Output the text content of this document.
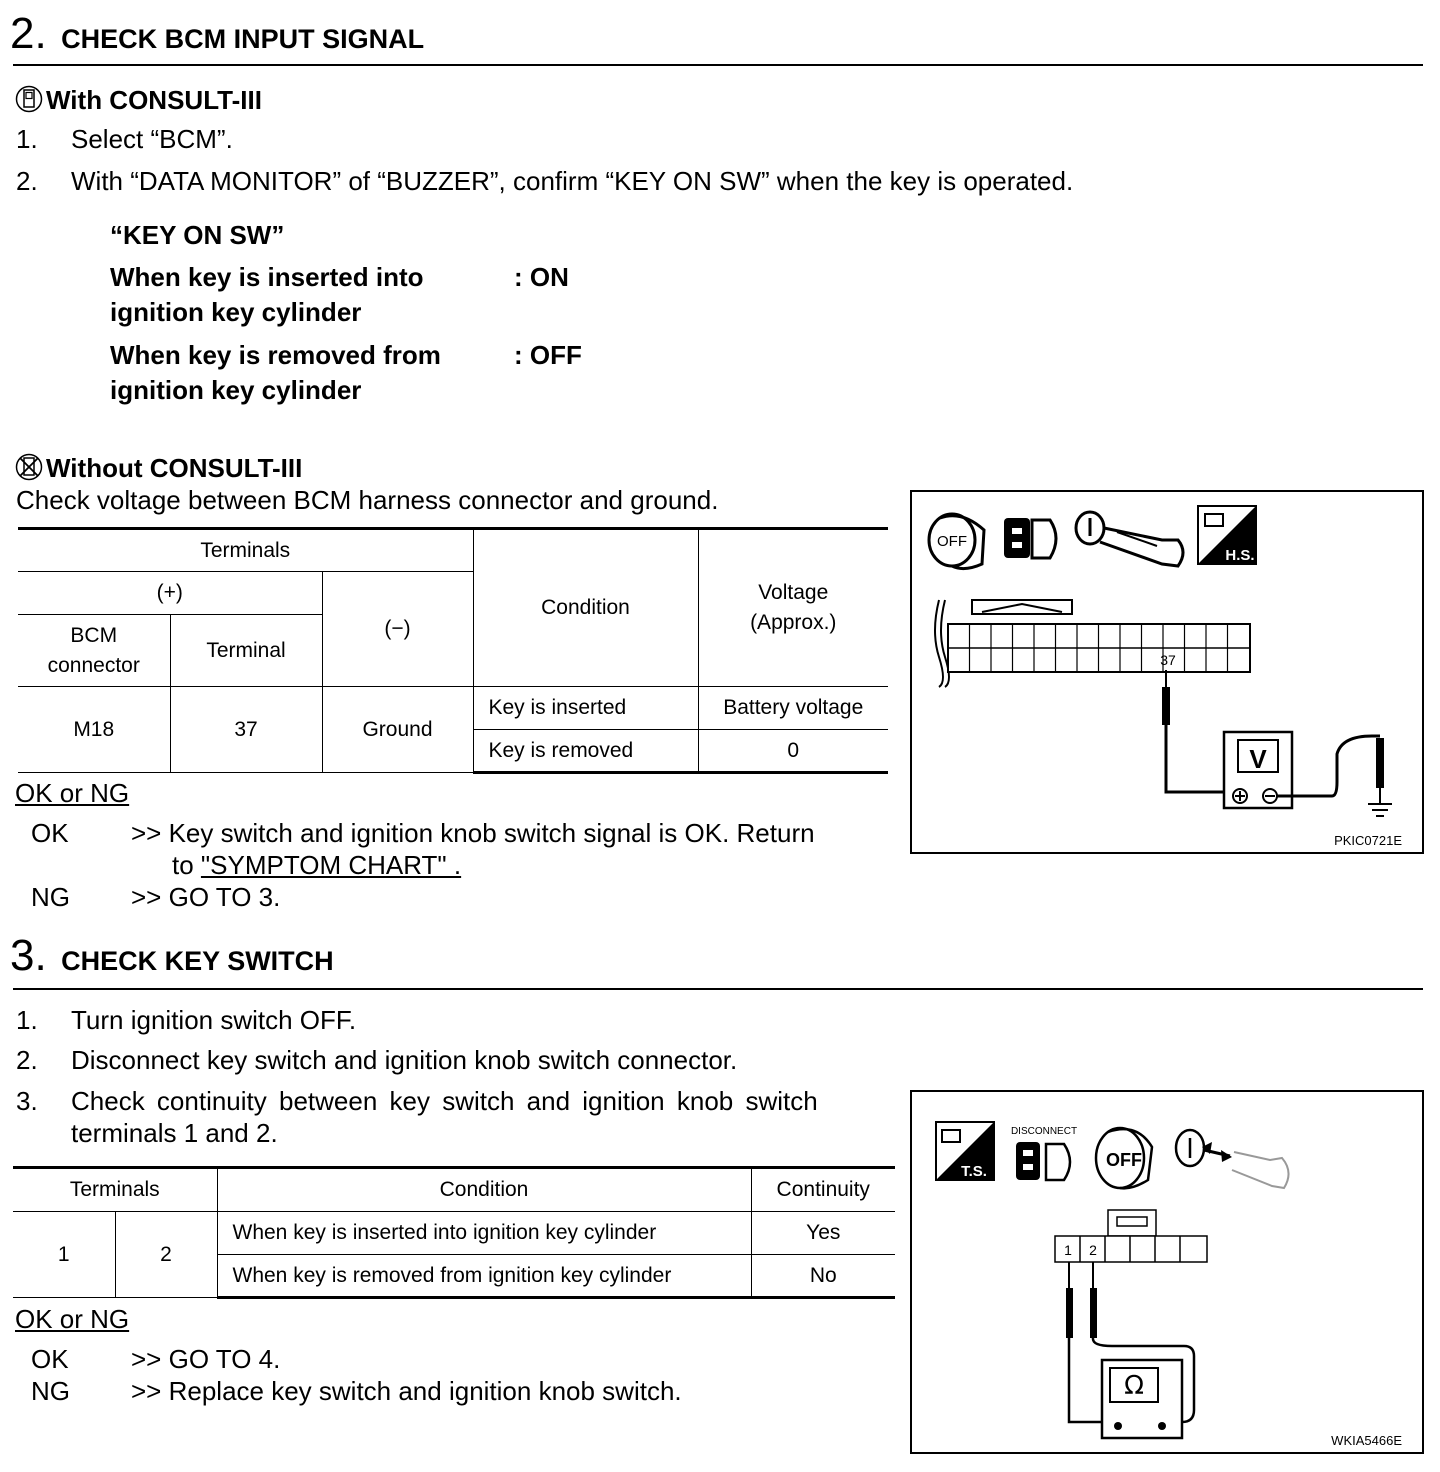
2. CHECK BCM INPUT SIGNAL
With CONSULT-III
1. Select “BCM”.
2. With “DATA MONITOR” of “BUZZER”, confirm “KEY ON SW” when the key is operated.
“KEY ON SW”
When key is inserted into
ignition key cylinder
: ON
When key is removed from
ignition key cylinder
: OFF
Without CONSULT-III
Check voltage between BCM harness connector and ground.
Terminals			Condition	Voltage
(Approx.)

(+)		(−)		

BCM
connector	Terminal			
M18	37	Ground	Key is inserted	Battery voltage
			Key is removed	0
OK or NG
OK >> Key switch and ignition knob switch signal is OK. Return
to "SYMPTOM CHART" .
NG >> GO TO 3.
OFF
H.S.
37
V
PKIC0721E
3. CHECK KEY SWITCH
1. Turn ignition switch OFF.
2. Disconnect key switch and ignition knob switch connector.
3. Check continuity between key switch and ignition knob switch
terminals 1 and 2.
Terminals		Condition	Continuity
1	2	When key is inserted into ignition key cylinder	Yes
		When key is removed from ignition key cylinder	No
OK or NG
OK >> GO TO 4.
NG >> Replace key switch and ignition knob switch.
T.S.
DISCONNECT
OFF
1 2
Ω
WKIA5466E
